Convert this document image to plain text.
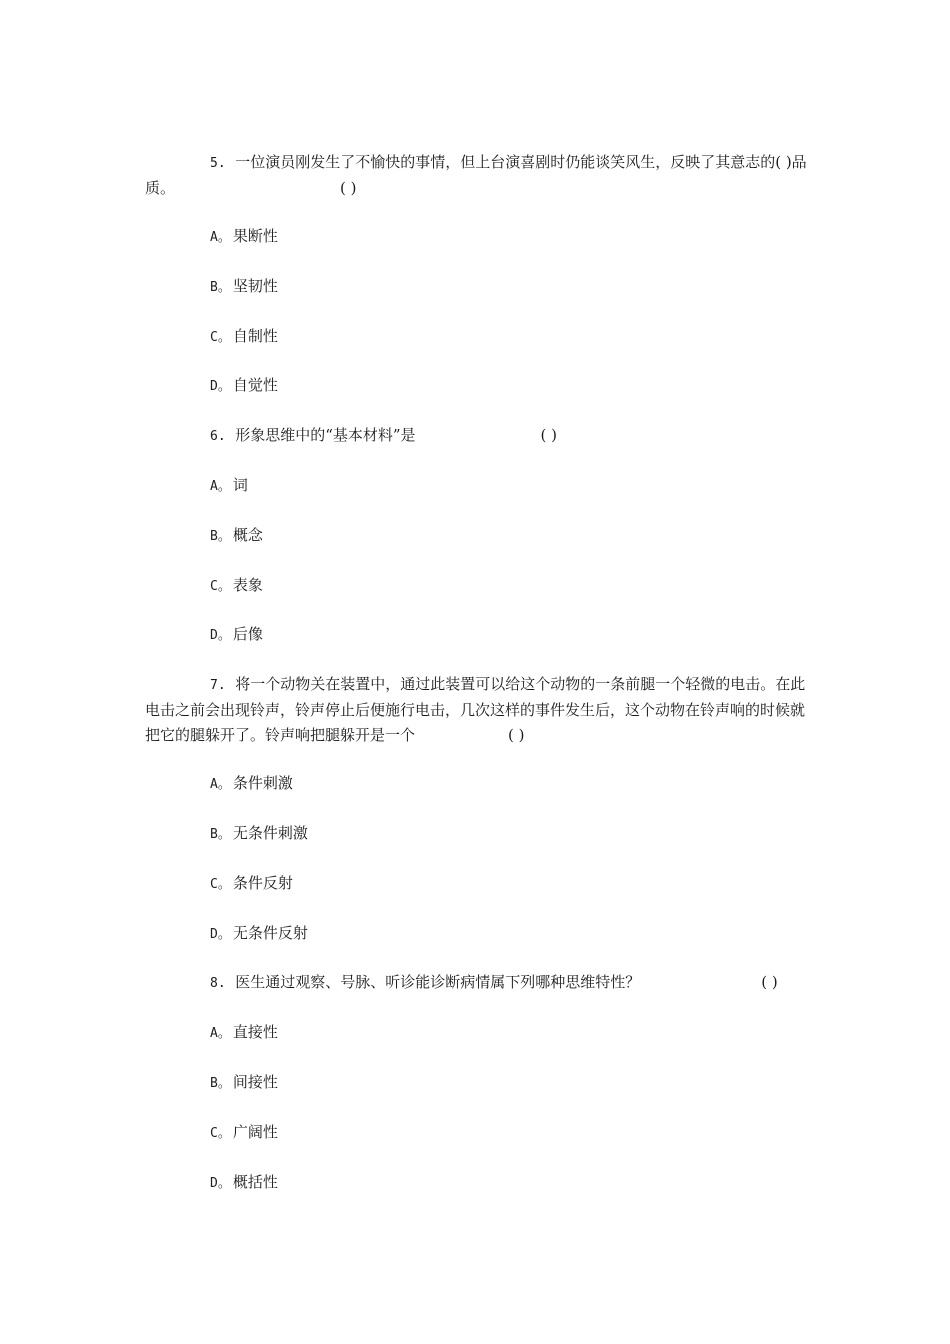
5. 一位演员刚发生了不愉快的事情，但上台演喜剧时仍能谈笑风生，反映了其意志的( )品质。	( )

A。 果断性

B。 坚韧性

C。 自制性

D。 自觉性

6. 形象思维中的“基本材料”是	( )

A。 词

B。 概念

C。 表象

D。 后像

7. 将一个动物关在装置中，通过此装置可以给这个动物的一条前腿一个轻微的电击。在此电击之前会出现铃声，铃声停止后便施行电击，几次这样的事件发生后，这个动物在铃声响的时候就把它的腿躲开了。铃声响把腿躲开是一个	( )

A。 条件刺激

B。 无条件刺激

C。 条件反射

D。 无条件反射

8. 医生通过观察、号脉、听诊能诊断病情属下列哪种思维特性？	( )

A。 直接性

B。 间接性

C。 广阔性

D。 概括性
